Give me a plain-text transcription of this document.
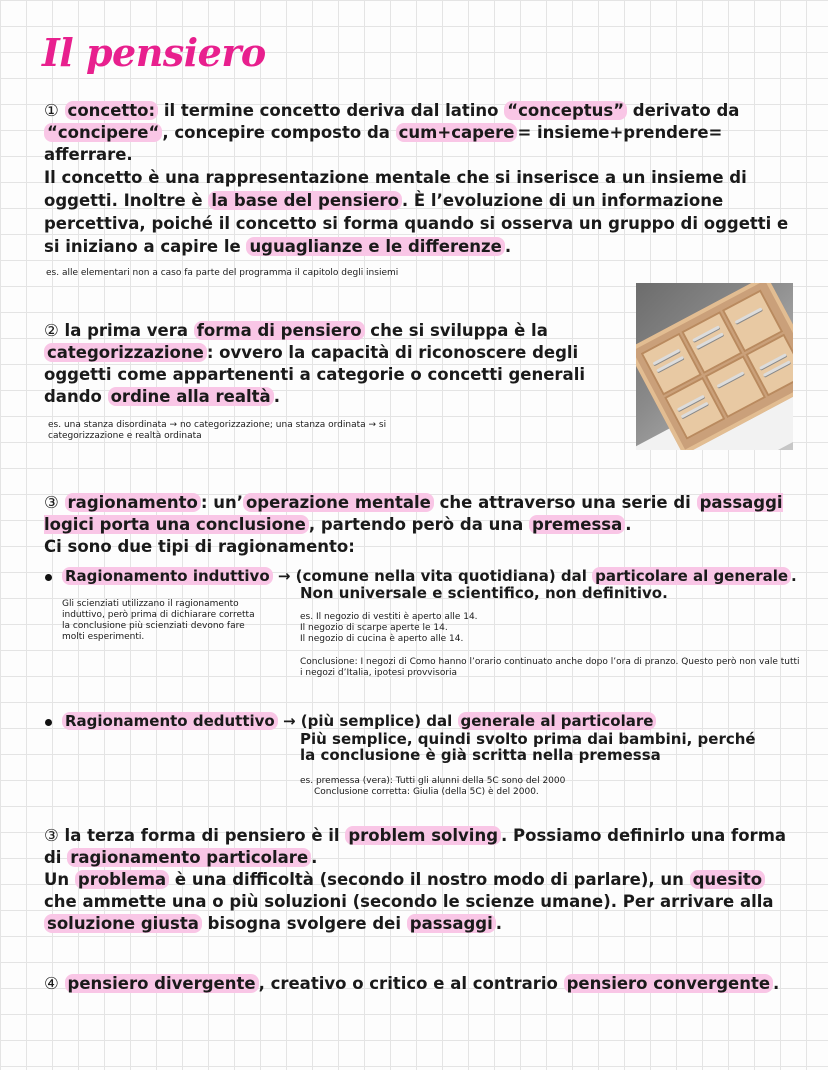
Il pensiero
① concetto: il termine concetto deriva dal latino “conceptus” derivato da “concipere“ , concepire composto da cum+capere = insieme+prendere= afferrare.
Il concetto è una rappresentazione mentale che si inserisce a un insieme di oggetti. Inoltre è la base del pensiero . È l’evoluzione di un informazione percettiva, poiché il concetto si forma quando si osserva un gruppo di oggetti e si iniziano a capire le uguaglianze e le differenze .
es. alle elementari non a caso fa parte del programma il capitolo degli insiemi
② la prima vera forma di pensiero che si sviluppa è la categorizzazione : ovvero la capacità di riconoscere degli oggetti come appartenenti a categorie o concetti generali dando ordine alla realtà .
es. una stanza disordinata → no categorizzazione; una stanza ordinata → si categorizzazione e realtà ordinata
③ ragionamento : un’ operazione mentale che attraverso una serie di passaggi logici porta una conclusione , partendo però da una premessa .
Ci sono due tipi di ragionamento:
Ragionamento induttivo → (comune nella vita quotidiana) dal particolare al generale .
Non universale e scientifico, non definitivo.
Gli scienziati utilizzano il ragionamento induttivo, però prima di dichiarare corretta la conclusione più scienziati devono fare molti esperimenti.
es. Il negozio di vestiti è aperto alle 14.
Il negozio di scarpe aperte le 14.
Il negozio di cucina è aperto alle 14.
Conclusione: I negozi di Como hanno l’orario continuato anche dopo l’ora di pranzo. Questo però non vale tutti i negozi d’Italia, ipotesi provvisoria
Ragionamento deduttivo → (più semplice) dal generale al particolare
Più semplice, quindi svolto prima dai bambini, perché la conclusione è già scritta nella premessa
es. premessa (vera): Tutti gli alunni della 5C sono del 2000
Conclusione corretta: Giulia (della 5C) è del 2000.
③ la terza forma di pensiero è il problem solving . Possiamo definirlo una forma di ragionamento particolare .
Un problema è una difficoltà (secondo il nostro modo di parlare), un quesito che ammette una o più soluzioni (secondo le scienze umane). Per arrivare alla soluzione giusta bisogna svolgere dei passaggi .
④ pensiero divergente , creativo o critico e al contrario pensiero convergente .
